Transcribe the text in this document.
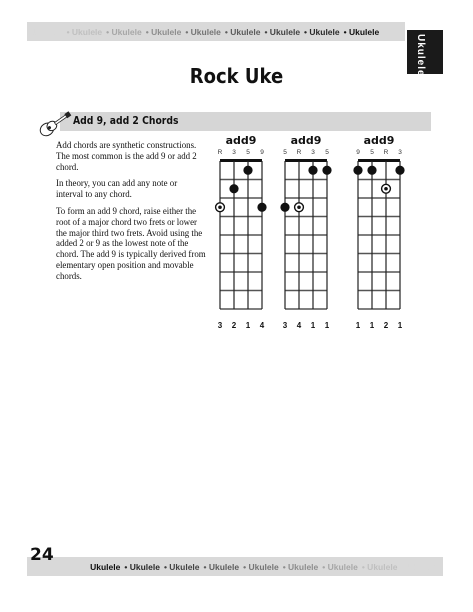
• Ukulele • Ukulele • Ukulele • Ukulele • Ukulele • Ukulele • Ukulele • Ukulele • Ukulele
Ukulele
Rock Uke
Add 9, add 2 Chords

Add chords are synthetic constructions. The most common is the add 9 or add 2 chord.

In theory, you can add any note or interval to any chord.

To form an add 9 chord, raise either the root of a major chord two frets or lower the major third two frets. Avoid using the added 2 or 9 as the lowest note of the chord. The add 9 is typically derived from elementary open position and movable chords.

add9	add9	add9
R 3 5 9
3 2 1 4
5 R 3 5
3 4 1 1
9 5 R 3
1 1 2 1
Ukulele • Ukulele • Ukulele • Ukulele • Ukulele • Ukulele • Ukulele • Ukulele • Ukulele
24
